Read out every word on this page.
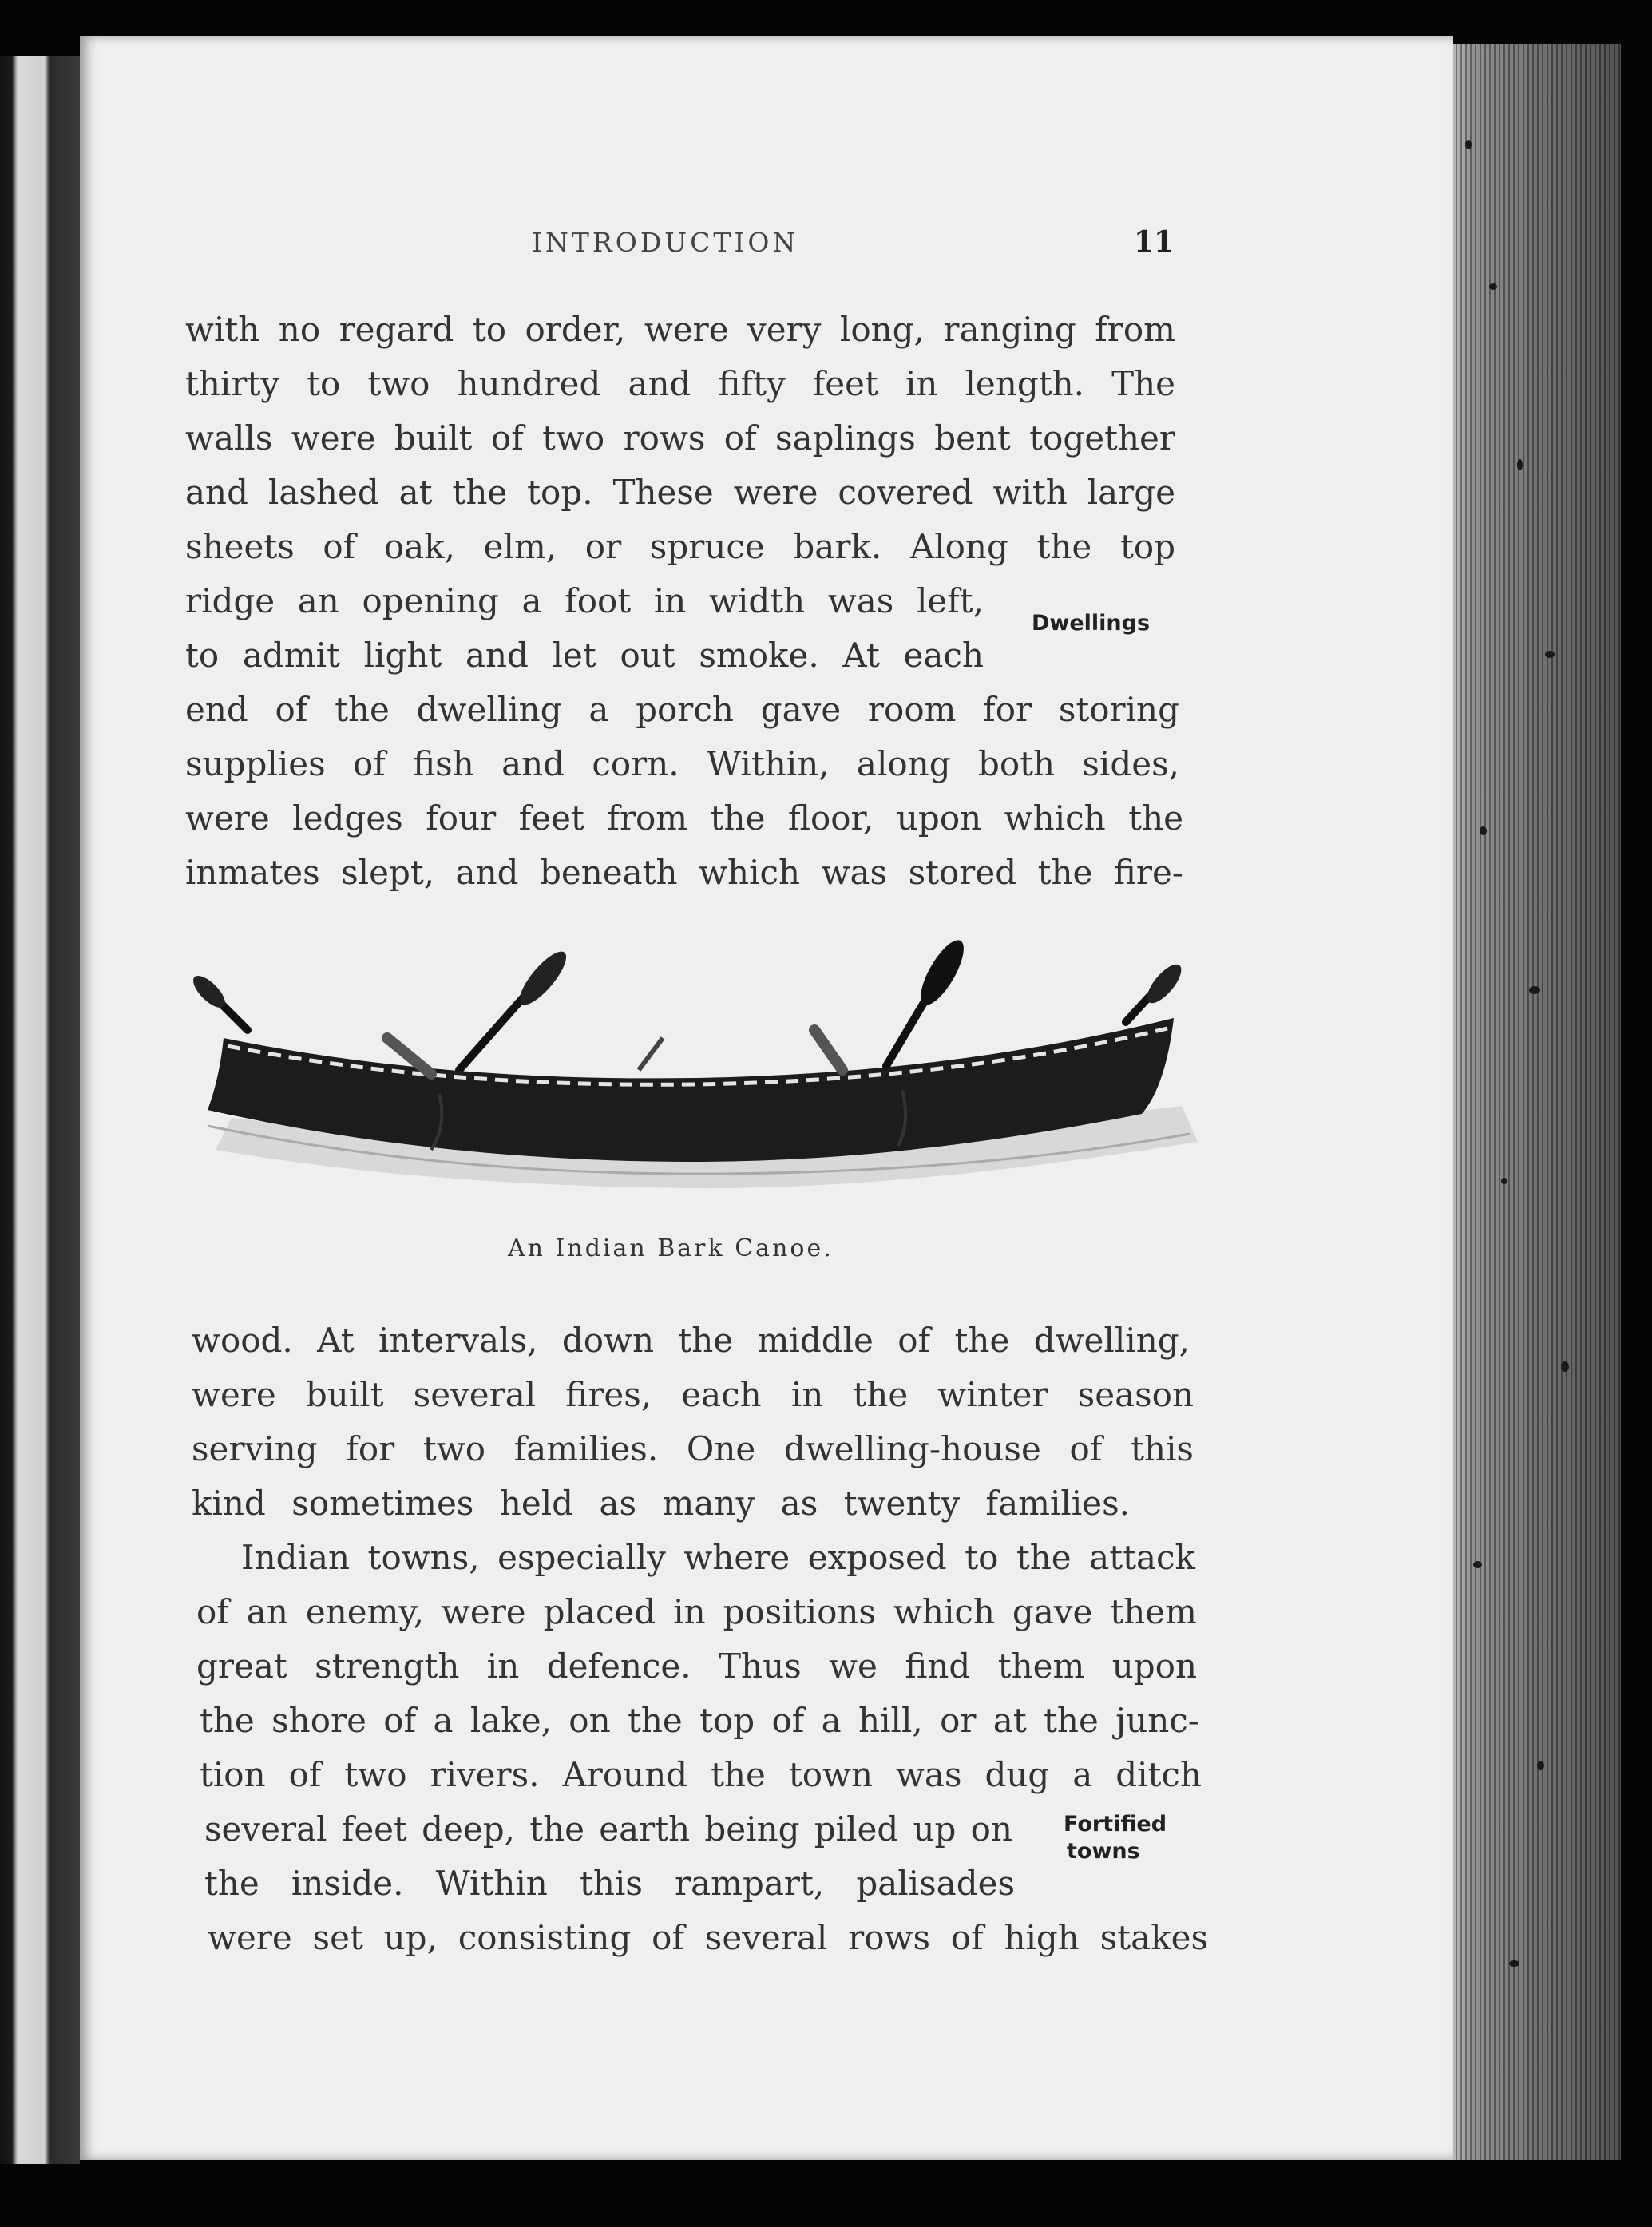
INTRODUCTION	11
with no regard to order, were very long, ranging from
thirty to two hundred and fifty feet in length. The
walls were built of two rows of saplings bent together
and lashed at the top. These were covered with large
sheets of oak, elm, or spruce bark. Along the top
ridge an opening a foot in width was left,
to admit light and let out smoke. At each
end of the dwelling a porch gave room for storing
supplies of fish and corn. Within, along both sides,
were ledges four feet from the floor, upon which the
inmates slept, and beneath which was stored the fire-
Dwellings
An Indian Bark Canoe.
wood. At intervals, down the middle of the dwelling,
were built several fires, each in the winter season
serving for two families. One dwelling-house of this
kind sometimes held as many as twenty families.
Indian towns, especially where exposed to the attack
of an enemy, were placed in positions which gave them
great strength in defence. Thus we find them upon
the shore of a lake, on the top of a hill, or at the junc-
tion of two rivers. Around the town was dug a ditch
several feet deep, the earth being piled up on
the inside. Within this rampart, palisades
were set up, consisting of several rows of high stakes
Fortified
towns
